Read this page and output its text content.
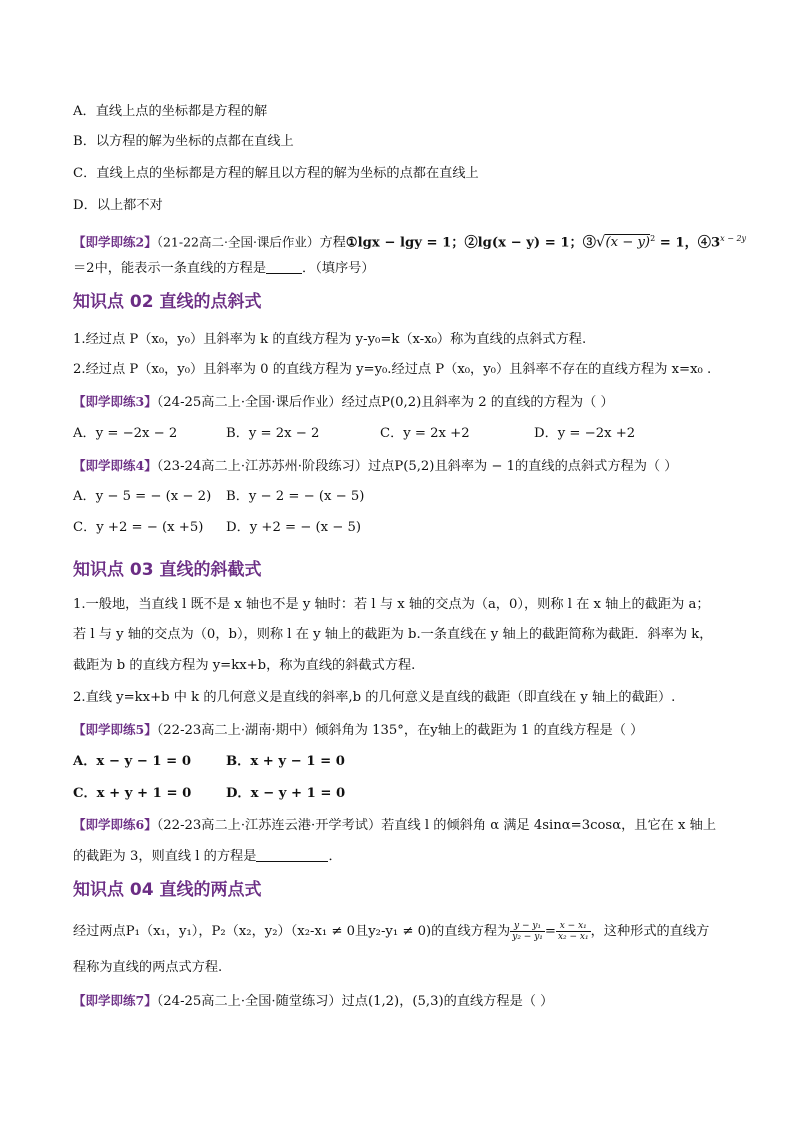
A．直线上点的坐标都是方程的解
B．以方程的解为坐标的点都在直线上
C．直线上点的坐标都是方程的解且以方程的解为坐标的点都在直线上
D．以上都不对
【即学即练2】（21-22高二·全国·课后作业）方程①lgx − lgy = 1；②lg(x − y) = 1；③√(x − y)$^2$ = 1，$④3^{x - 2y}$
＝2中，能表示一条直线的方程是	．（填序号）
知识点 02 直线的点斜式
1.经过点 P（x₀，y₀）且斜率为 k 的直线方程为 y-y₀=k（x-x₀）称为直线的点斜式方程.
2.经过点 P（x₀，y₀）且斜率为 0 的直线方程为 y=y₀.经过点 P（x₀，y₀）且斜率不存在的直线方程为 x=x₀ .
【即学即练3】（24-25高二上·全国·课后作业）经过点P(0,2)且斜率为 2 的直线的方程为（ ）
A．y = −2x − 2	B．y = 2x − 2	C．y = 2x +2	D．y = −2x +2
【即学即练4】（23-24高二上·江苏苏州·阶段练习）过点P(5,2)且斜率为 − 1的直线的点斜式方程为（ ）
A．y − 5 = − (x − 2) B．y − 2 = − (x − 5)
C．y +2 = − (x +5) D．y +2 = − (x − 5)
知识点 03 直线的斜截式
1.一般地，当直线 l 既不是 x 轴也不是 y 轴时：若 l 与 x 轴的交点为（a，0），则称 l 在 x 轴上的截距为 a；
若 l 与 y 轴的交点为（0，b），则称 l 在 y 轴上的截距为 b.一条直线在 y 轴上的截距简称为截距．斜率为 k，
截距为 b 的直线方程为 y=kx+b，称为直线的斜截式方程.
2.直线 y=kx+b 中 k 的几何意义是直线的斜率,b 的几何意义是直线的截距（即直线在 y 轴上的截距）.
【即学即练5】（22-23高二上·湖南·期中）倾斜角为 135°，在y轴上的截距为 1 的直线方程是（ ）
A．x − y − 1 = 0	B．x + y − 1 = 0
C．x + y + 1 = 0	D．x − y + 1 = 0
【即学即练6】（22-23高二上·江苏连云港·开学考试）若直线 l 的倾斜角 α 满足 4sinα=3cosα，且它在 x 轴上
的截距为 3，则直线 l 的方程是	．
知识点 04 直线的两点式
经过两点P₁（x₁，y₁），P₂（x₂，y₂）（x₂-x₁ ≠ 0且y₂-y₁ ≠ 0)的直线方程为 $\frac{\text{y − y₁}}{\text{y₂ − y₁}} = \frac{\text{x − x₁}}{\text{x₂ − x₁}}$ ，这种形式的直线方
程称为直线的两点式方程.
【即学即练7】（24-25高二上·全国·随堂练习）过点(1,2)，(5,3)的直线方程是（ ）
